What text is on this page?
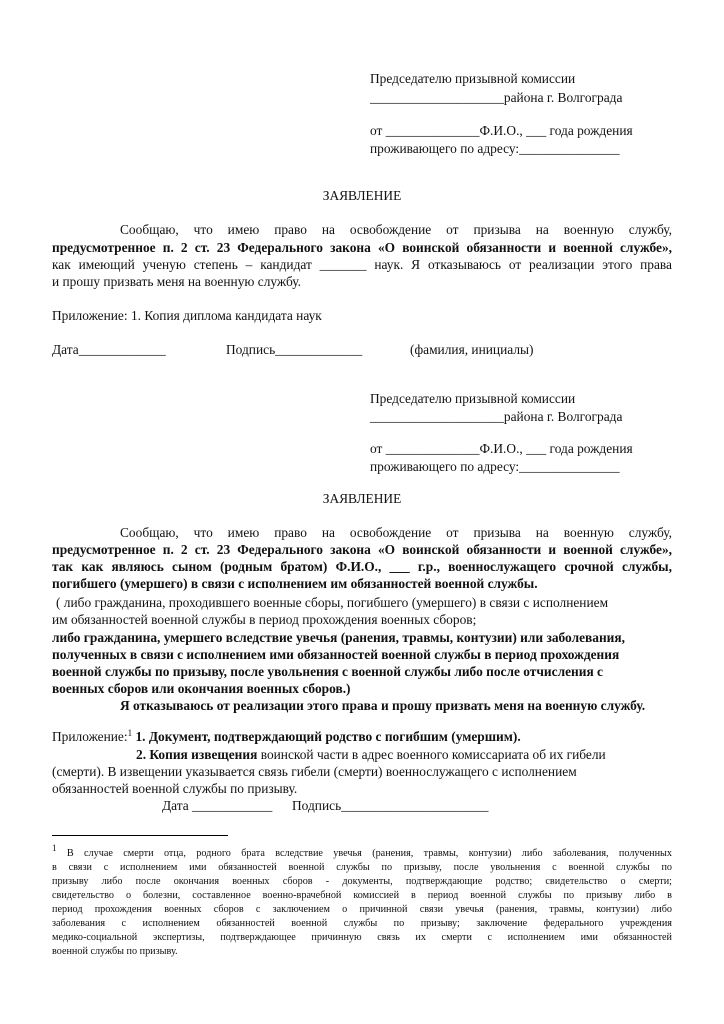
Председателю призывной комиссии
____________________района г. Волгограда
от ______________Ф.И.О., ___ года рождения
проживающего по адресу:_______________
ЗАЯВЛЕНИЕ
Сообщаю, что имею право на освобождение от призыва на военную службу,
предусмотренное п. 2 ст. 23 Федерального закона «О воинской обязанности и военной службе»,
как имеющий ученую степень – кандидат _______ наук. Я отказываюсь от реализации этого права
и прошу призвать меня на военную службу.
Приложение: 1. Копия диплома кандидата наук
Дата_____________	Подпись_____________	(фамилия, инициалы)
Председателю призывной комиссии
____________________района г. Волгограда
от ______________Ф.И.О., ___ года рождения
проживающего по адресу:_______________
ЗАЯВЛЕНИЕ
Сообщаю, что имею право на освобождение от призыва на военную службу,
предусмотренное п. 2 ст. 23 Федерального закона «О воинской обязанности и военной службе»,
так как являюсь сыном (родным братом) Ф.И.О., ___ г.р., военнослужащего срочной службы,
погибшего (умершего) в связи с исполнением им обязанностей военной службы.
( либо гражданина, проходившего военные сборы, погибшего (умершего) в связи с исполнением
им обязанностей военной службы в период прохождения военных сборов;
либо гражданина, умершего вследствие увечья (ранения, травмы, контузии) или заболевания,
полученных в связи с исполнением ими обязанностей военной службы в период прохождения
военной службы по призыву, после увольнения с военной службы либо после отчисления с
военных сборов или окончания военных сборов.)
Я отказываюсь от реализации этого права и прошу призвать меня на военную службу.
Приложение:$^1$ 1. Документ, подтверждающий родство с погибшим (умершим).
2. Копия извещения воинской части в адрес военного комиссариата об их гибели
(смерти). В извещении указывается связь гибели (смерти) военнослужащего с исполнением
обязанностей военной службы по призыву.
Дата ____________ Подпись______________________
$^1$ В случае смерти отца, родного брата вследствие увечья (ранения, травмы, контузии) либо заболевания, полученных
в связи с исполнением ими обязанностей военной службы по призыву, после увольнения с военной службы по
призыву либо после окончания военных сборов - документы, подтверждающие родство; свидетельство о смерти;
свидетельство о болезни, составленное военно-врачебной комиссией в период военной службы по призыву либо в
период прохождения военных сборов с заключением о причинной связи увечья (ранения, травмы, контузии) либо
заболевания с исполнением обязанностей военной службы по призыву; заключение федерального учреждения
медико-социальной экспертизы, подтверждающее причинную связь их смерти с исполнением ими обязанностей
военной службы по призыву.
